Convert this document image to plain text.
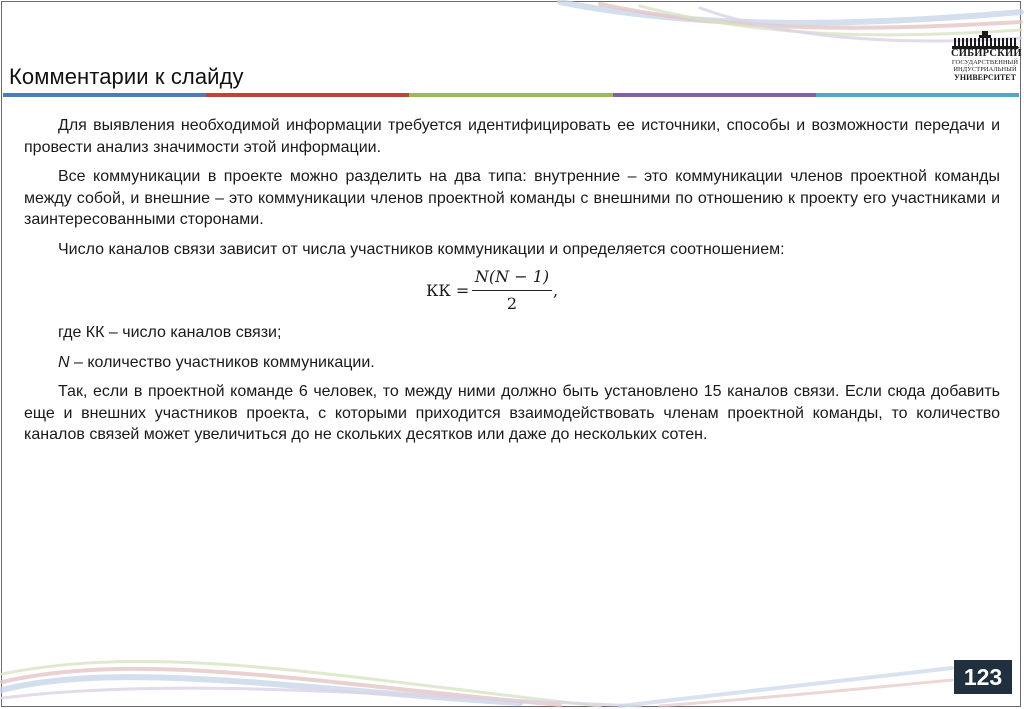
Комментарии к слайду
СИБИРСКИЙ
ГОСУДАРСТВЕННЫЙ
ИНДУСТРИАЛЬНЫЙ
УНИВЕРСИТЕТ

Для выявления необходимой информации требуется идентифицировать ее источники, способы и возможности передачи и провести анализ значимости этой информации.

Все коммуникации в проекте можно разделить на два типа: внутренние – это коммуникации членов проектной команды между собой, и внешние – это коммуникации членов проектной команды с внешними по отношению к проекту его участниками и заинтересованными сторонами.

Число каналов связи зависит от числа участников коммуникации и определяется соотношением:

КК = $\frac{N(N - 1)}{2}$ ,

где КК – число каналов связи;

N – количество участников коммуникации.

Так, если в проектной команде 6 человек, то между ними должно быть установлено 15 каналов связи. Если сюда добавить еще и внешних участников проекта, с которыми приходится взаимодействовать членам проектной команды, то количество каналов связей может увеличиться до не скольких десятков или даже до нескольких сотен.

123
